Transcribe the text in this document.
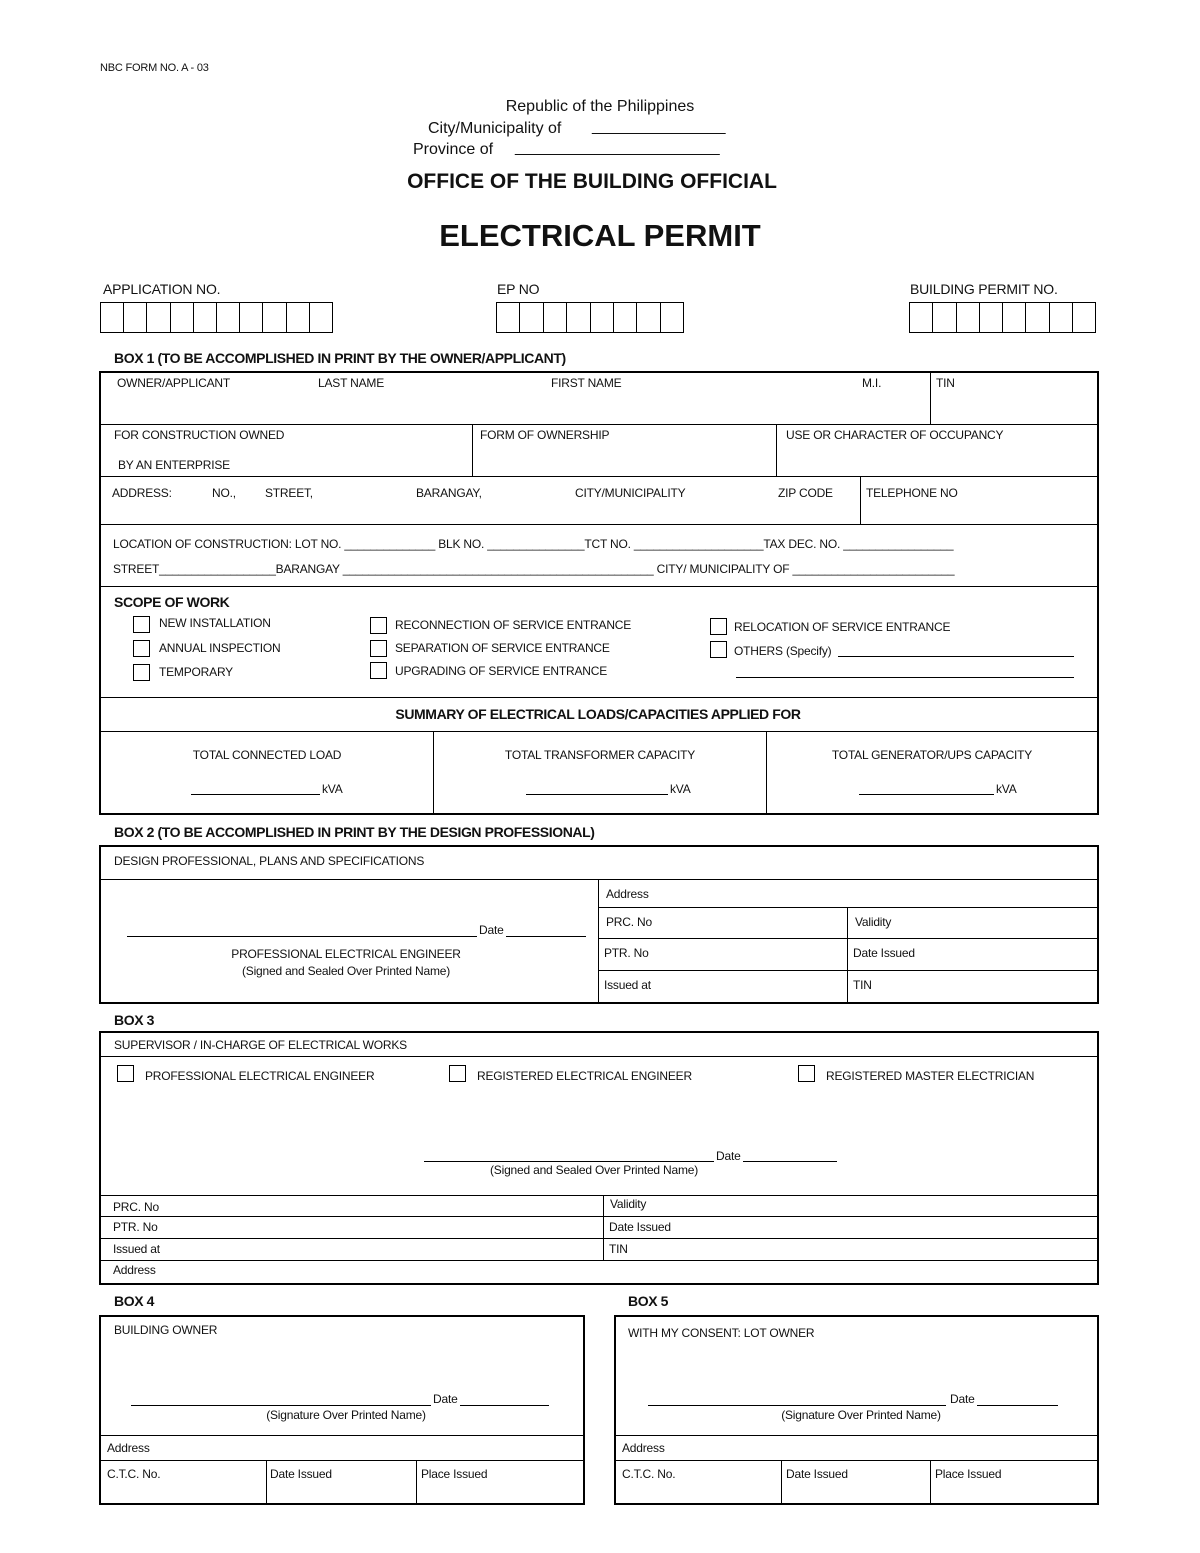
NBC FORM NO. A - 03
Republic of the Philippines
City/Municipality of _______________
Province of _______________________
OFFICE OF THE BUILDING OFFICIAL
ELECTRICAL PERMIT
APPLICATION NO.	EP NO	BUILDING PERMIT NO.
BOX 1 (TO BE ACCOMPLISHED IN PRINT BY THE OWNER/APPLICANT)
OWNER/APPLICANT	LAST NAME	FIRST NAME	M.I.	TIN
FOR CONSTRUCTION OWNED
BY AN ENTERPRISE
FORM OF OWNERSHIP	USE OR CHARACTER OF OCCUPANCY
ADDRESS:	NO., STREET,	BARANGAY,	CITY/MUNICIPALITY	ZIP CODE	TELEPHONE NO
LOCATION OF CONSTRUCTION: LOT NO. ______________ BLK NO. _______________TCT NO. ____________________TAX DEC. NO. _________________
STREET__________________BARANGAY ________________________________________________ CITY/ MUNICIPALITY OF _________________________
SCOPE OF WORK
NEW INSTALLATION
ANNUAL INSPECTION
TEMPORARY
RECONNECTION OF SERVICE ENTRANCE
SEPARATION OF SERVICE ENTRANCE
UPGRADING OF SERVICE ENTRANCE
RELOCATION OF SERVICE ENTRANCE
OTHERS (Specify)
SUMMARY OF ELECTRICAL LOADS/CAPACITIES APPLIED FOR
TOTAL CONNECTED LOAD
kVA
TOTAL TRANSFORMER CAPACITY
kVA
TOTAL GENERATOR/UPS CAPACITY
kVA
BOX 2 (TO BE ACCOMPLISHED IN PRINT BY THE DESIGN PROFESSIONAL)
DESIGN PROFESSIONAL, PLANS AND SPECIFICATIONS
Date
PROFESSIONAL ELECTRICAL ENGINEER
(Signed and Sealed Over Printed Name)
Address
PRC. No	Validity
PTR. No	Date Issued
Issued at	TIN
BOX 3
SUPERVISOR / IN-CHARGE OF ELECTRICAL WORKS
PROFESSIONAL ELECTRICAL ENGINEER	REGISTERED ELECTRICAL ENGINEER	REGISTERED MASTER ELECTRICIAN
Date
(Signed and Sealed Over Printed Name)
PRC. No	Validity
PTR. No	Date Issued
Issued at	TIN
Address
BOX 4
BUILDING OWNER
Date
(Signature Over Printed Name)
Address
C.T.C. No.	Date Issued	Place Issued
BOX 5
WITH MY CONSENT: LOT OWNER
Date
(Signature Over Printed Name)
Address
C.T.C. No.	Date Issued	Place Issued
